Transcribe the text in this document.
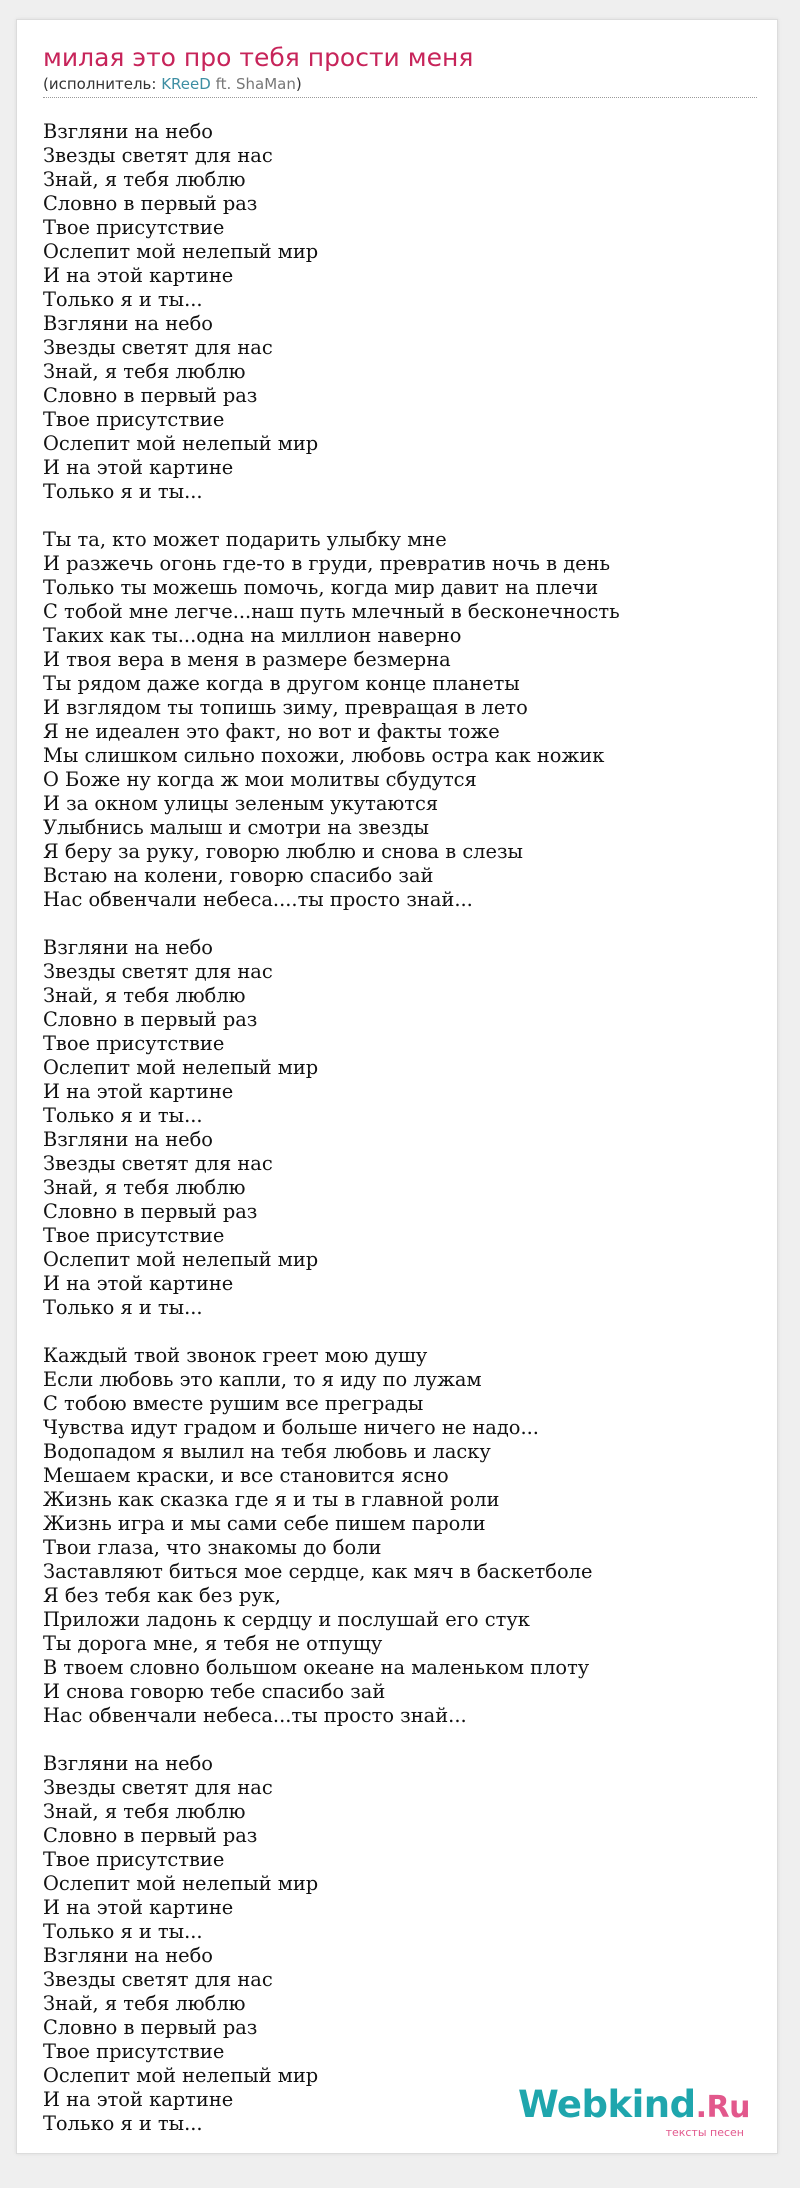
милая это про тебя прости меня
(исполнитель: KReeD ft. ShaMan)
Взгляни на небо
Звезды светят для нас
Знай, я тебя люблю
Словно в первый раз
Твое присутствие
Ослепит мой нелепый мир
И на этой картине
Только я и ты...
Взгляни на небо
Звезды светят для нас
Знай, я тебя люблю
Словно в первый раз
Твое присутствие
Ослепит мой нелепый мир
И на этой картине
Только я и ты...
Ты та, кто может подарить улыбку мне
И разжечь огонь где-то в груди, превратив ночь в день
Только ты можешь помочь, когда мир давит на плечи
С тобой мне легче...наш путь млечный в бесконечность
Таких как ты...одна на миллион наверно
И твоя вера в меня в размере безмерна
Ты рядом даже когда в другом конце планеты
И взглядом ты топишь зиму, превращая в лето
Я не идеален это факт, но вот и факты тоже
Мы слишком сильно похожи, любовь остра как ножик
О Боже ну когда ж мои молитвы сбудутся
И за окном улицы зеленым укутаются
Улыбнись малыш и смотри на звезды
Я беру за руку, говорю люблю и снова в слезы
Встаю на колени, говорю спасибо зай
Нас обвенчали небеса....ты просто знай...
Взгляни на небо
Звезды светят для нас
Знай, я тебя люблю
Словно в первый раз
Твое присутствие
Ослепит мой нелепый мир
И на этой картине
Только я и ты...
Взгляни на небо
Звезды светят для нас
Знай, я тебя люблю
Словно в первый раз
Твое присутствие
Ослепит мой нелепый мир
И на этой картине
Только я и ты...
Каждый твой звонок греет мою душу
Если любовь это капли, то я иду по лужам
С тобою вместе рушим все преграды
Чувства идут градом и больше ничего не надо...
Водопадом я вылил на тебя любовь и ласку
Мешаем краски, и все становится ясно
Жизнь как сказка где я и ты в главной роли
Жизнь игра и мы сами себе пишем пароли
Твои глаза, что знакомы до боли
Заставляют биться мое сердце, как мяч в баскетболе
Я без тебя как без рук,
Приложи ладонь к сердцу и послушай его стук
Ты дорога мне, я тебя не отпущу
В твоем словно большом океане на маленьком плоту
И снова говорю тебе спасибо зай
Нас обвенчали небеса...ты просто знай...
Взгляни на небо
Звезды светят для нас
Знай, я тебя люблю
Словно в первый раз
Твое присутствие
Ослепит мой нелепый мир
И на этой картине
Только я и ты...
Взгляни на небо
Звезды светят для нас
Знай, я тебя люблю
Словно в первый раз
Твое присутствие
Ослепит мой нелепый мир
И на этой картине
Только я и ты...	Webkind.Ru
тексты песен
